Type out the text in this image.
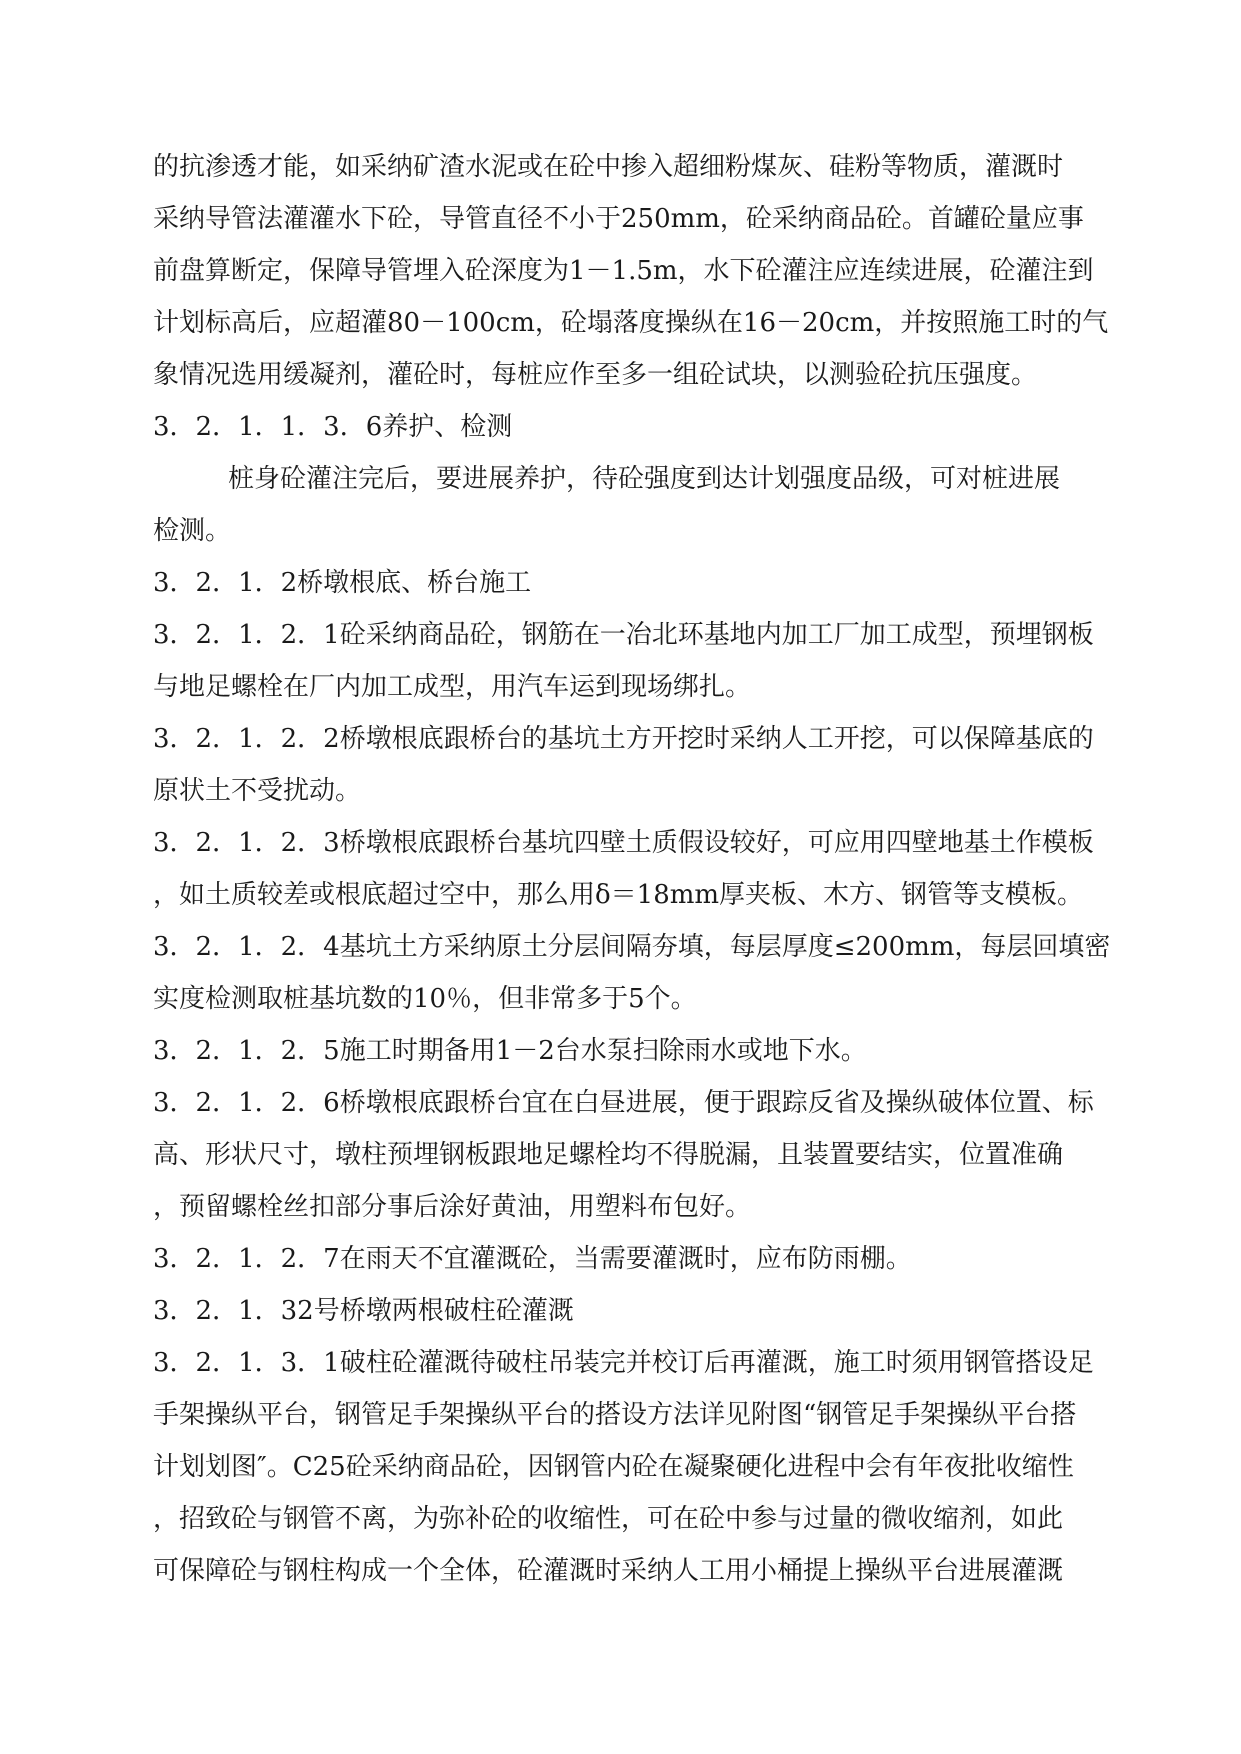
的抗渗透才能，如采纳矿渣水泥或在砼中掺入超细粉煤灰、硅粉等物质，灌溉时
采纳导管法灌灌水下砼，导管直径不小于250mm，砼采纳商品砼。首罐砼量应事
前盘算断定，保障导管埋入砼深度为1－1.5m，水下砼灌注应连续进展，砼灌注到
计划标高后，应超灌80－100cm，砼塌落度操纵在16－20cm，并按照施工时的气
象情况选用缓凝剂，灌砼时，每桩应作至多一组砼试块，以测验砼抗压强度。
3．2．1．1．3．6养护、检测
桩身砼灌注完后，要进展养护，待砼强度到达计划强度品级，可对桩进展
检测。
3．2．1．2桥墩根底、桥台施工
3．2．1．2．1砼采纳商品砼，钢筋在一冶北环基地内加工厂加工成型，预埋钢板
与地足螺栓在厂内加工成型，用汽车运到现场绑扎。
3．2．1．2．2桥墩根底跟桥台的基坑土方开挖时采纳人工开挖，可以保障基底的
原状土不受扰动。
3．2．1．2．3桥墩根底跟桥台基坑四壁土质假设较好，可应用四壁地基土作模板
，如土质较差或根底超过空中，那么用δ＝18mm厚夹板、木方、钢管等支模板。
3．2．1．2．4基坑土方采纳原土分层间隔夯填，每层厚度≤200mm，每层回填密
实度检测取桩基坑数的10％，但非常多于5个。
3．2．1．2．5施工时期备用1－2台水泵扫除雨水或地下水。
3．2．1．2．6桥墩根底跟桥台宜在白昼进展，便于跟踪反省及操纵破体位置、标
高、形状尺寸，墩柱预埋钢板跟地足螺栓均不得脱漏，且装置要结实，位置准确
，预留螺栓丝扣部分事后涂好黄油，用塑料布包好。
3．2．1．2．7在雨天不宜灌溉砼，当需要灌溉时，应布防雨棚。
3．2．1．32号桥墩两根破柱砼灌溉
3．2．1．3．1破柱砼灌溉待破柱吊装完并校订后再灌溉，施工时须用钢管搭设足
手架操纵平台，钢管足手架操纵平台的搭设方法详见附图“钢管足手架操纵平台搭
计划划图″。C25砼采纳商品砼，因钢管内砼在凝聚硬化进程中会有年夜批收缩性
，招致砼与钢管不离，为弥补砼的收缩性，可在砼中参与过量的微收缩剂，如此
可保障砼与钢柱构成一个全体，砼灌溉时采纳人工用小桶提上操纵平台进展灌溉
